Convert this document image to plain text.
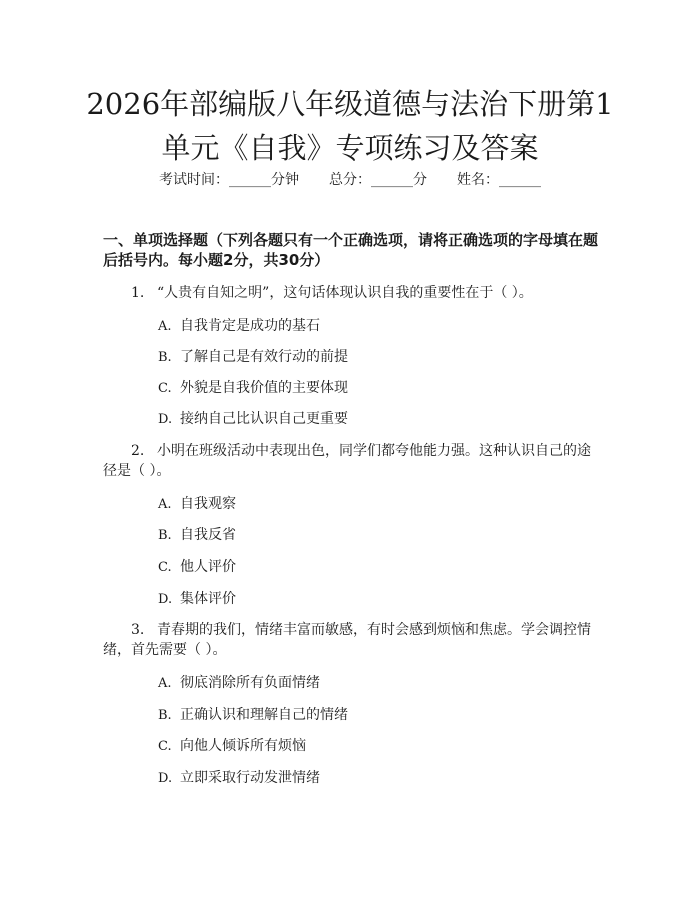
2026年部编版八年级道德与法治下册第1单元《自我》专项练习及答案
考试时间：______分钟 总分：______分 姓名：______

一、单项选择题（下列各题只有一个正确选项，请将正确选项的字母填在题后括号内。每小题2分，共30分）

1. “人贵有自知之明”，这句话体现认识自我的重要性在于（ ）。

A. 自我肯定是成功的基石

B. 了解自己是有效行动的前提

C. 外貌是自我价值的主要体现

D. 接纳自己比认识自己更重要

2. 小明在班级活动中表现出色，同学们都夸他能力强。这种认识自己的途径是（ ）。

A. 自我观察

B. 自我反省

C. 他人评价

D. 集体评价

3. 青春期的我们，情绪丰富而敏感，有时会感到烦恼和焦虑。学会调控情绪，首先需要（ ）。

A. 彻底消除所有负面情绪

B. 正确认识和理解自己的情绪

C. 向他人倾诉所有烦恼

D. 立即采取行动发泄情绪
